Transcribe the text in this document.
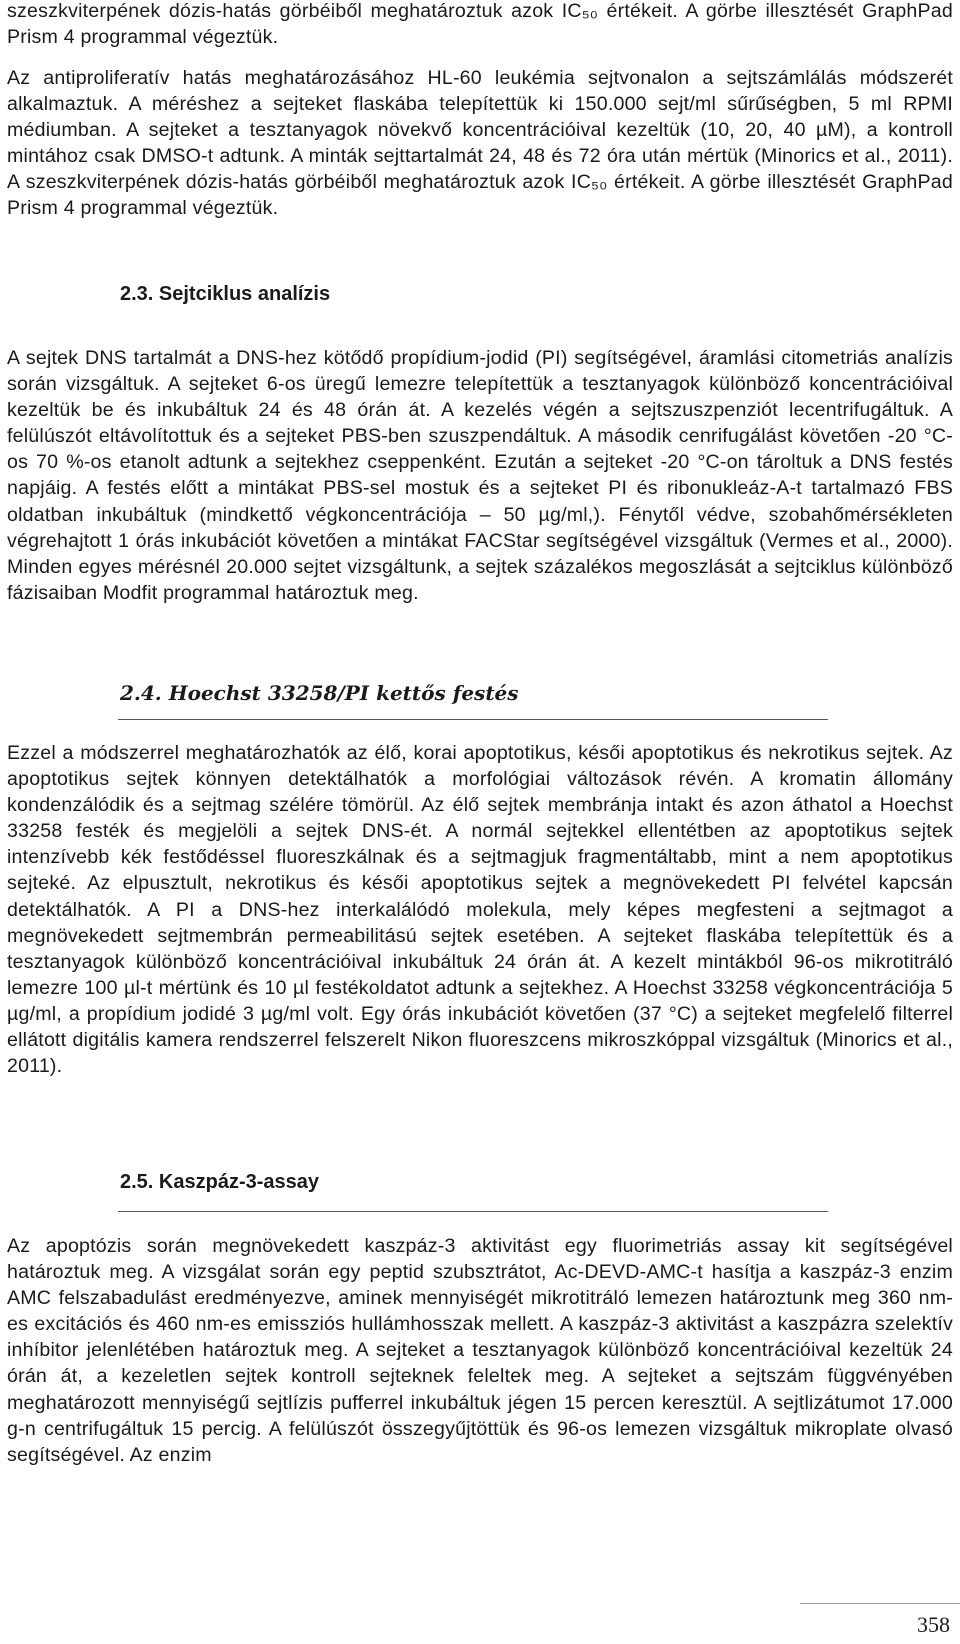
szeszkviterpének dózis-hatás görbéiből meghatároztuk azok IC₅₀ értékeit. A görbe illesztését GraphPad Prism 4 programmal végeztük.

Az antiproliferatív hatás meghatározásához HL-60 leukémia sejtvonalon a sejtszámlálás módszerét alkalmaztuk. A méréshez a sejteket flaskába telepítettük ki 150.000 sejt/ml sűrűségben, 5 ml RPMI médiumban. A sejteket a tesztanyagok növekvő koncentrációival kezeltük (10, 20, 40 µM), a kontroll mintához csak DMSO-t adtunk. A minták sejttartalmát 24, 48 és 72 óra után mértük (Minorics et al., 2011). A szeszkviterpének dózis-hatás görbéiből meghatároztuk azok IC₅₀ értékeit. A görbe illesztését GraphPad Prism 4 programmal végeztük.

2.3. Sejtciklus analízis

A sejtek DNS tartalmát a DNS-hez kötődő propídium-jodid (PI) segítségével, áramlási citometriás analízis során vizsgáltuk. A sejteket 6-os üregű lemezre telepítettük a tesztanyagok különböző koncentrációival kezeltük be és inkubáltuk 24 és 48 órán át. A kezelés végén a sejtszuszpenziót lecentrifugáltuk. A felülúszót eltávolítottuk és a sejteket PBS-ben szuszpendáltuk. A második cenrifugálást követően -20 °C-os 70 %-os etanolt adtunk a sejtekhez cseppenként. Ezután a sejteket -20 °C-on tároltuk a DNS festés napjáig. A festés előtt a mintákat PBS-sel mostuk és a sejteket PI és ribonukleáz-A-t tartalmazó FBS oldatban inkubáltuk (mindkettő végkoncentrációja – 50 µg/ml,). Fénytől védve, szobahőmérsékleten végrehajtott 1 órás inkubációt követően a mintákat FACStar segítségével vizsgáltuk (Vermes et al., 2000). Minden egyes mérésnél 20.000 sejtet vizsgáltunk, a sejtek százalékos megoszlását a sejtciklus különböző fázisaiban Modfit programmal határoztuk meg.

2.4. Hoechst 33258/PI kettős festés

Ezzel a módszerrel meghatározhatók az élő, korai apoptotikus, késői apoptotikus és nekrotikus sejtek. Az apoptotikus sejtek könnyen detektálhatók a morfológiai változások révén. A kromatin állomány kondenzálódik és a sejtmag szélére tömörül. Az élő sejtek membránja intakt és azon áthatol a Hoechst 33258 festék és megjelöli a sejtek DNS-ét. A normál sejtekkel ellentétben az apoptotikus sejtek intenzívebb kék festődéssel fluoreszkálnak és a sejtmagjuk fragmentáltabb, mint a nem apoptotikus sejteké. Az elpusztult, nekrotikus és késői apoptotikus sejtek a megnövekedett PI felvétel kapcsán detektálhatók. A PI a DNS-hez interkalálódó molekula, mely képes megfesteni a sejtmagot a megnövekedett sejtmembrán permeabilitású sejtek esetében. A sejteket flaskába telepítettük és a tesztanyagok különböző koncentrációival inkubáltuk 24 órán át. A kezelt mintákból 96-os mikrotitráló lemezre 100 µl-t mértünk és 10 µl festékoldatot adtunk a sejtekhez. A Hoechst 33258 végkoncentrációja 5 µg/ml, a propídium jodidé 3 µg/ml volt. Egy órás inkubációt követően (37 °C) a sejteket megfelelő filterrel ellátott digitális kamera rendszerrel felszerelt Nikon fluoreszcens mikroszkóppal vizsgáltuk (Minorics et al., 2011).

2.5. Kaszpáz-3-assay

Az apoptózis során megnövekedett kaszpáz-3 aktivitást egy fluorimetriás assay kit segítségével határoztuk meg. A vizsgálat során egy peptid szubsztrátot, Ac-DEVD-AMC-t hasítja a kaszpáz-3 enzim AMC felszabadulást eredményezve, aminek mennyiségét mikrotitráló lemezen határoztunk meg 360 nm-es excitációs és 460 nm-es emissziós hullámhosszak mellett. A kaszpáz-3 aktivitást a kaszpázra szelektív inhíbitor jelenlétében határoztuk meg. A sejteket a tesztanyagok különböző koncentrációival kezeltük 24 órán át, a kezeletlen sejtek kontroll sejteknek feleltek meg. A sejteket a sejtszám függvényében meghatározott mennyiségű sejtlízis pufferrel inkubáltuk jégen 15 percen keresztül. A sejtlizátumot 17.000 g-n centrifugáltuk 15 percig. A felülúszót összegyűjtöttük és 96-os lemezen vizsgáltuk mikroplate olvasó segítségével. Az enzim

358
